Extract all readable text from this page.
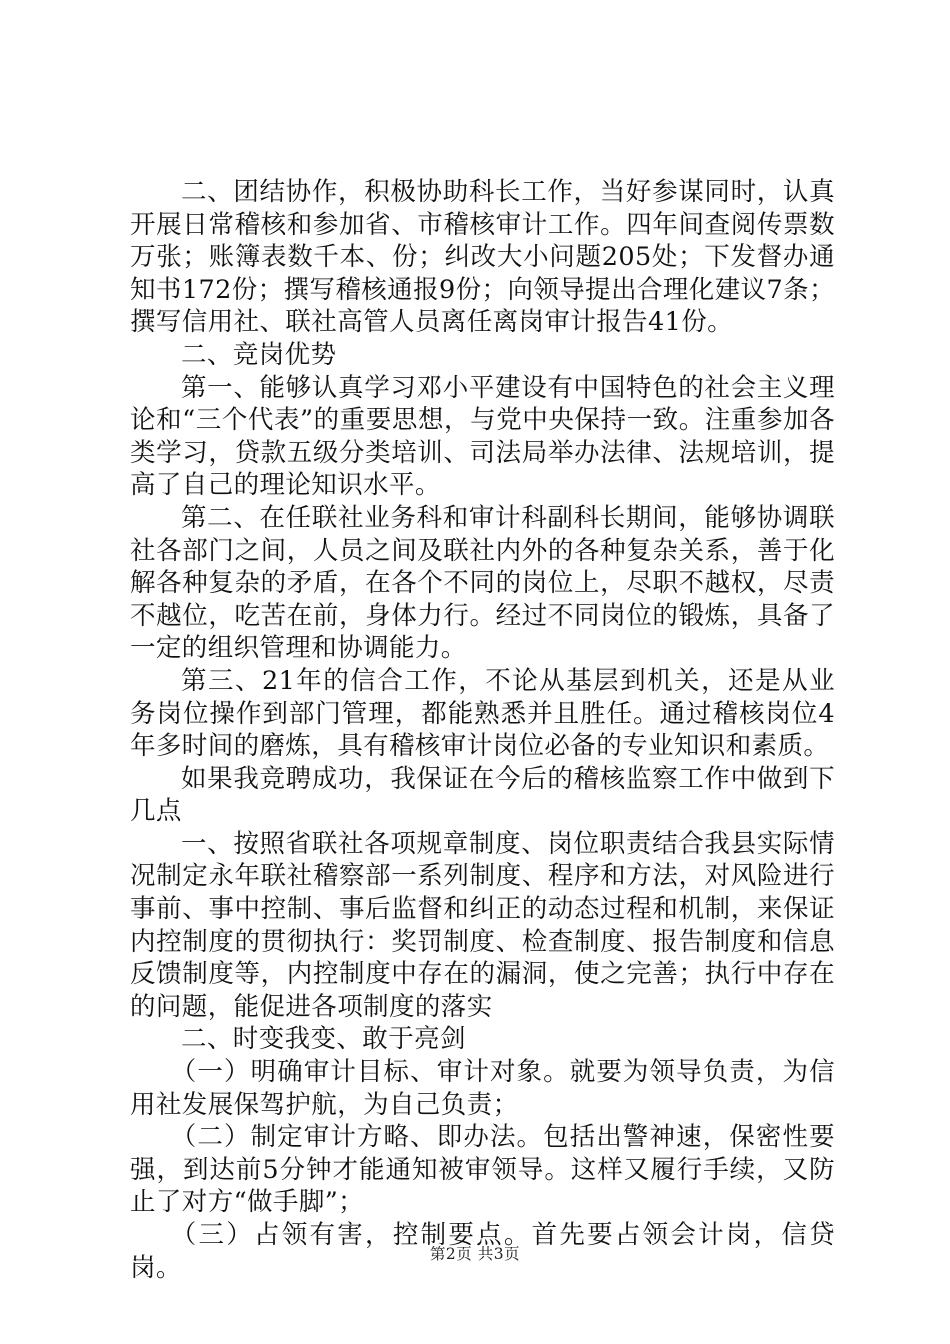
二、团结协作，积极协助科长工作，当好参谋同时，认真开展日常稽核和参加省、市稽核审计工作。四年间查阅传票数万张；账簿表数千本、份；纠改大小问题205处；下发督办通知书172份；撰写稽核通报9份；向领导提出合理化建议7条；撰写信用社、联社高管人员离任离岗审计报告41份。

二、竞岗优势

第一、能够认真学习邓小平建设有中国特色的社会主义理论和“三个代表”的重要思想，与党中央保持一致。注重参加各类学习，贷款五级分类培训、司法局举办法律、法规培训，提高了自己的理论知识水平。

第二、在任联社业务科和审计科副科长期间，能够协调联社各部门之间，人员之间及联社内外的各种复杂关系，善于化解各种复杂的矛盾，在各个不同的岗位上，尽职不越权，尽责不越位，吃苦在前，身体力行。经过不同岗位的锻炼，具备了一定的组织管理和协调能力。

第三、21年的信合工作，不论从基层到机关，还是从业务岗位操作到部门管理，都能熟悉并且胜任。通过稽核岗位4年多时间的磨炼，具有稽核审计岗位必备的专业知识和素质。

如果我竞聘成功，我保证在今后的稽核监察工作中做到下几点

一、按照省联社各项规章制度、岗位职责结合我县实际情况制定永年联社稽察部一系列制度、程序和方法，对风险进行事前、事中控制、事后监督和纠正的动态过程和机制，来保证内控制度的贯彻执行：奖罚制度、检查制度、报告制度和信息反馈制度等，内控制度中存在的漏洞，使之完善；执行中存在的问题，能促进各项制度的落实

二、时变我变、敢于亮剑

（一）明确审计目标、审计对象。就要为领导负责，为信用社发展保驾护航，为自己负责；

（二）制定审计方略、即办法。包括出警神速，保密性要强，到达前5分钟才能通知被审领导。这样又履行手续，又防止了对方“做手脚”；

（三）占领有害，控制要点。首先要占领会计岗，信贷岗。	第2页 共3页
